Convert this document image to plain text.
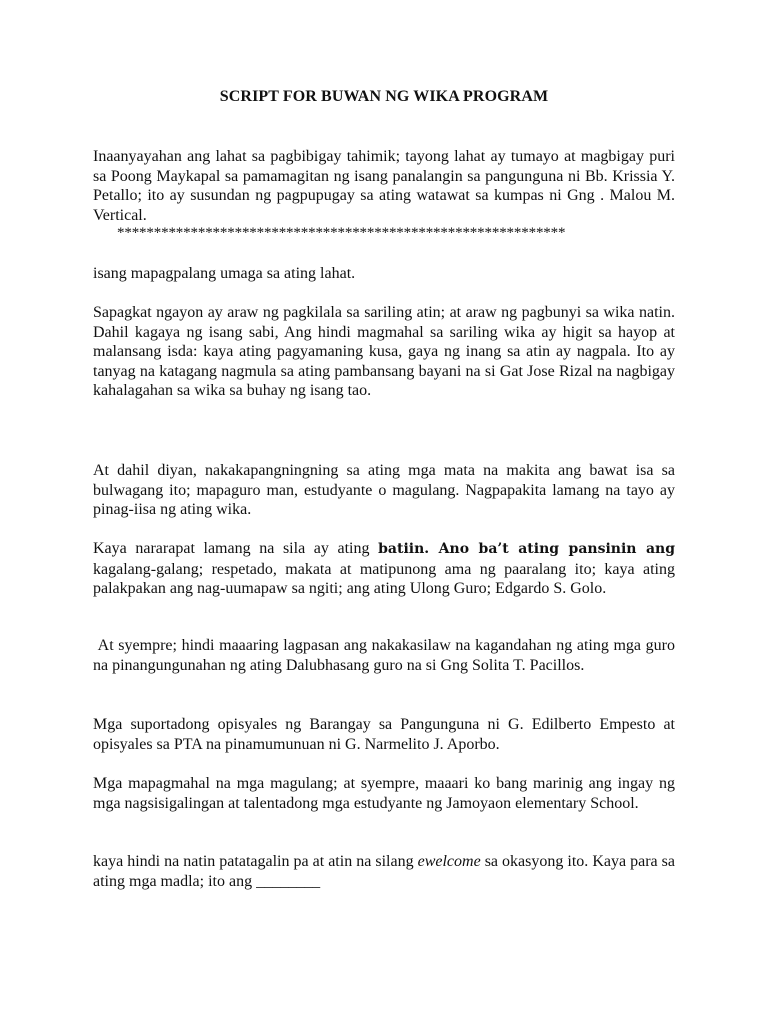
SCRIPT FOR BUWAN NG WIKA PROGRAM

Inaanyayahan ang lahat sa pagbibigay tahimik; tayong lahat ay tumayo at magbigay puri sa Poong Maykapal sa pamamagitan ng isang panalangin sa pangunguna ni Bb. Krissia Y. Petallo; ito ay susundan ng pagpupugay sa ating watawat sa kumpas ni Gng . Malou M. Vertical.

*************************************************************

isang mapagpalang umaga sa ating lahat.

Sapagkat ngayon ay araw ng pagkilala sa sariling atin; at araw ng pagbunyi sa wika natin. Dahil kagaya ng isang sabi, Ang hindi magmahal sa sariling wika ay higit sa hayop at malansang isda: kaya ating pagyamaning kusa, gaya ng inang sa atin ay nagpala. Ito ay tanyag na katagang nagmula sa ating pambansang bayani na si Gat Jose Rizal na nagbigay kahalagahan sa wika sa buhay ng isang tao.

At dahil diyan, nakakapangningning sa ating mga mata na makita ang bawat isa sa bulwagang ito; mapaguro man, estudyante o magulang. Nagpapakita lamang na tayo ay pinag-iisa ng ating wika.

Kaya nararapat lamang na sila ay ating batiin. Ano ba’t ating pansinin ang kagalang-galang; respetado, makata at matipunong ama ng paaralang ito; kaya ating palakpakan ang nag-uumapaw sa ngiti; ang ating Ulong Guro; Edgardo S. Golo.

At syempre; hindi maaaring lagpasan ang nakakasilaw na kagandahan ng ating mga guro na pinangungunahan ng ating Dalubhasang guro na si Gng Solita T. Pacillos.

Mga suportadong opisyales ng Barangay sa Pangunguna ni G. Edilberto Empesto at opisyales sa PTA na pinamumunuan ni G. Narmelito J. Aporbo.

Mga mapagmahal na mga magulang; at syempre, maaari ko bang marinig ang ingay ng mga nagsisigalingan at talentadong mga estudyante ng Jamoyaon elementary School.

kaya hindi na natin patatagalin pa at atin na silang ewelcome sa okasyong ito. Kaya para sa ating mga madla; ito ang ________
